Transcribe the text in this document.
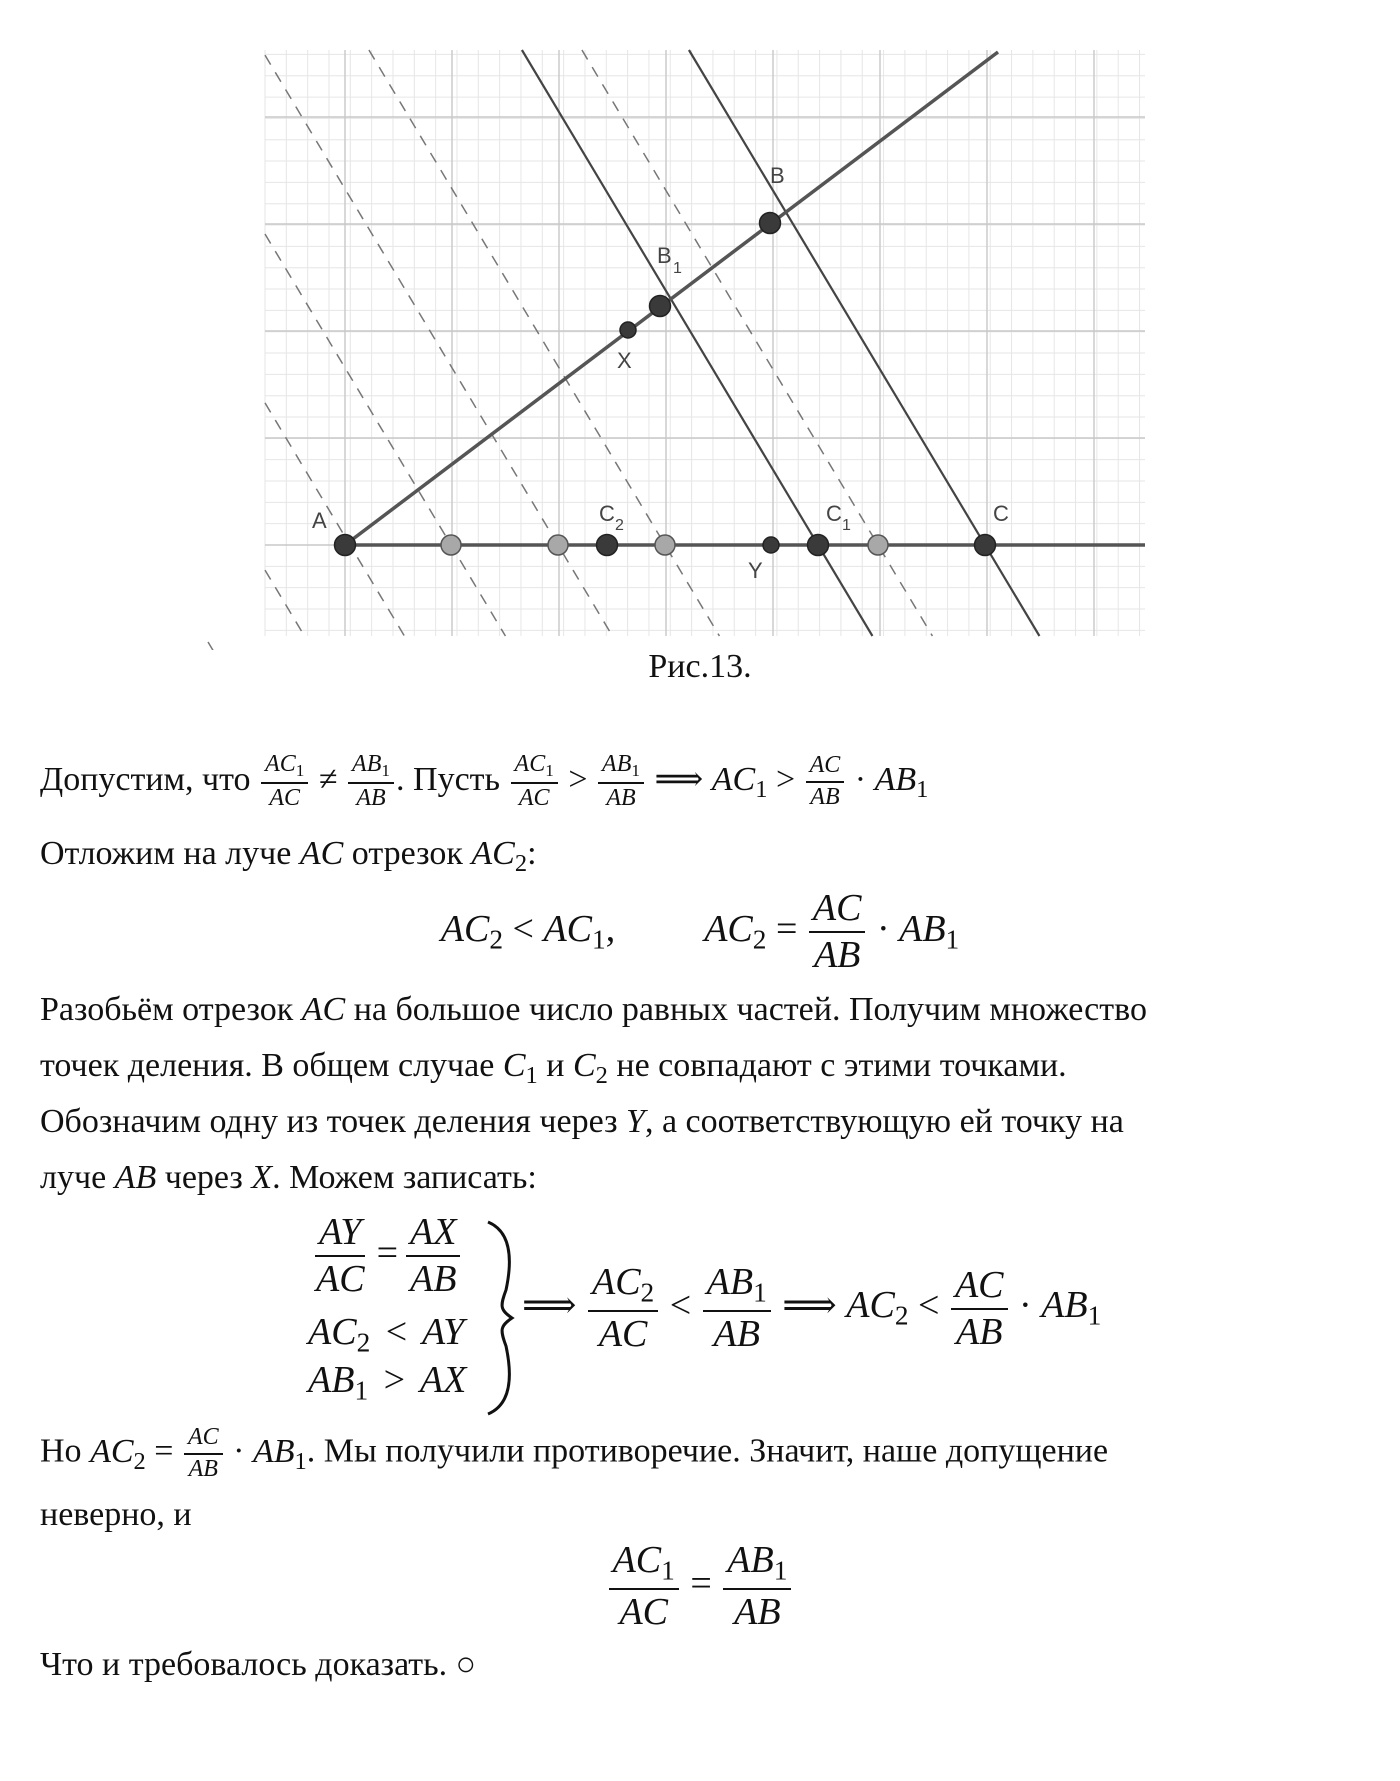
A
B
B
1
X
C
C 1
C 2
Y
Рис.13.
Допустим, что $\frac{AC_1}{AC} \ne \frac{AB_1}{AB}$ . Пусть $\frac{AC_1}{AC} > \frac{AB_1}{AB}$ ⟹ $AC_1 > \frac{AC}{AB} \cdot AB_1$
Отложим на луче AC отрезок $AC_2$:
$AC_2 < AC_1$,  $AC_2 = \frac{AC}{AB} \cdot AB_1$
Разобьём отрезок AC на большое число равных частей. Получим множество
точек деления. В общем случае $C_1$ и $C_2$ не совпадают с этими точками.
Обозначим одну из точек деления через Y, а соответствующую ей точку на
луче AB через X. Можем записать:
$\frac{AY}{AC} = \frac{AX}{AB}$
$AC_2$ < AY
$AB_1$ > AX
⟹ $\frac{AC_2}{AC} < \frac{AB_1}{AB}$ ⟹ $AC_2 < \frac{AC}{AB} \cdot AB_1$
Но $AC_2 = \frac{AC}{AB} \cdot AB_1$. Мы получили противоречие. Значит, наше допущение
неверно, и
$\frac{AC_1}{AC} = \frac{AB_1}{AB}$
Что и требовалось доказать. ○
